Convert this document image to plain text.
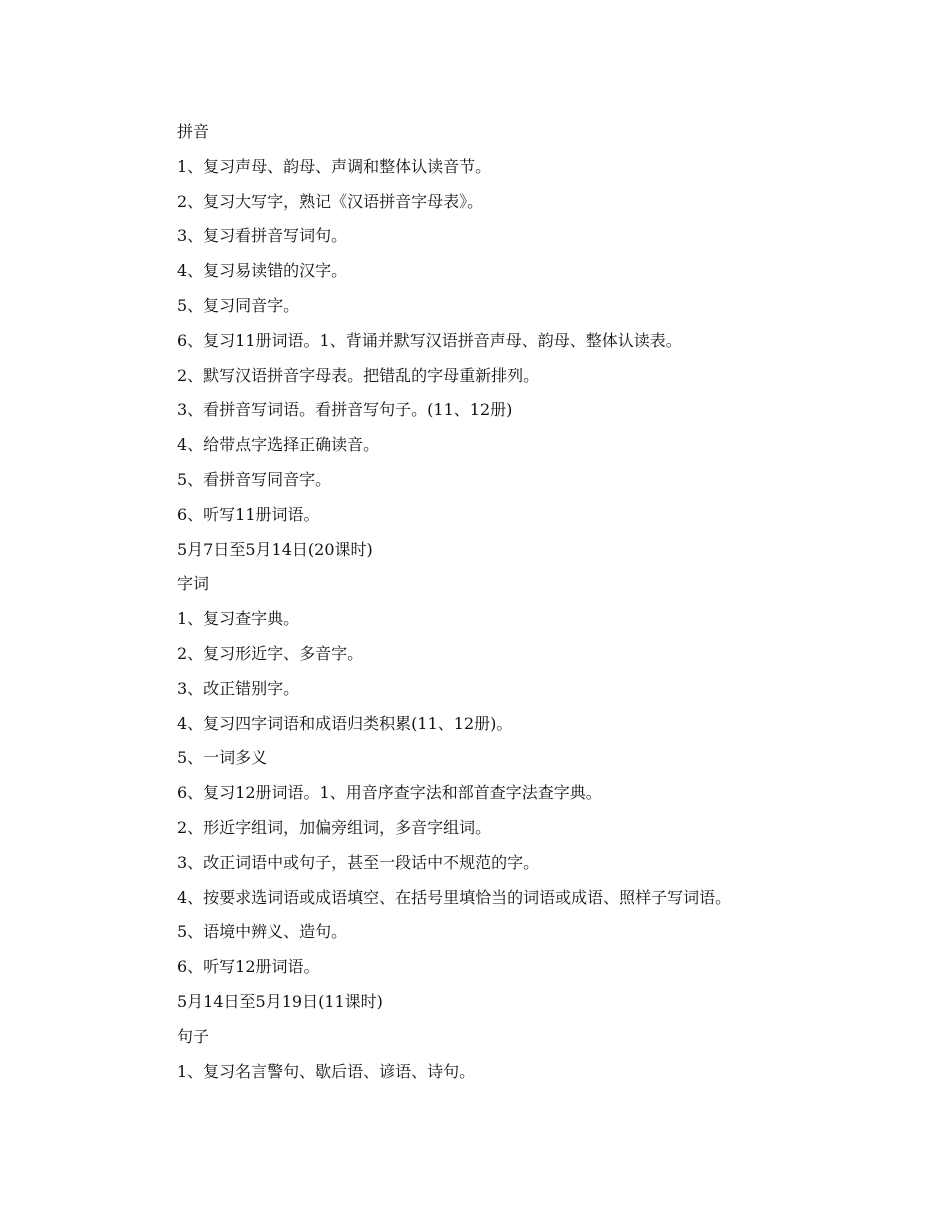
拼音
1、复习声母、韵母、声调和整体认读音节。
2、复习大写字，熟记《汉语拼音字母表》。
3、复习看拼音写词句。
4、复习易读错的汉字。
5、复习同音字。
6、复习11册词语。1、背诵并默写汉语拼音声母、韵母、整体认读表。
2、默写汉语拼音字母表。把错乱的字母重新排列。
3、看拼音写词语。看拼音写句子。(11、12册)
4、给带点字选择正确读音。
5、看拼音写同音字。
6、听写11册词语。
5月7日至5月14日(20课时)
字词
1、复习查字典。
2、复习形近字、多音字。
3、改正错别字。
4、复习四字词语和成语归类积累(11、12册)。
5、一词多义
6、复习12册词语。1、用音序查字法和部首查字法查字典。
2、形近字组词，加偏旁组词，多音字组词。
3、改正词语中或句子，甚至一段话中不规范的字。
4、按要求选词语或成语填空、在括号里填恰当的词语或成语、照样子写词语。
5、语境中辨义、造句。
6、听写12册词语。
5月14日至5月19日(11课时)
句子
1、复习名言警句、歇后语、谚语、诗句。
